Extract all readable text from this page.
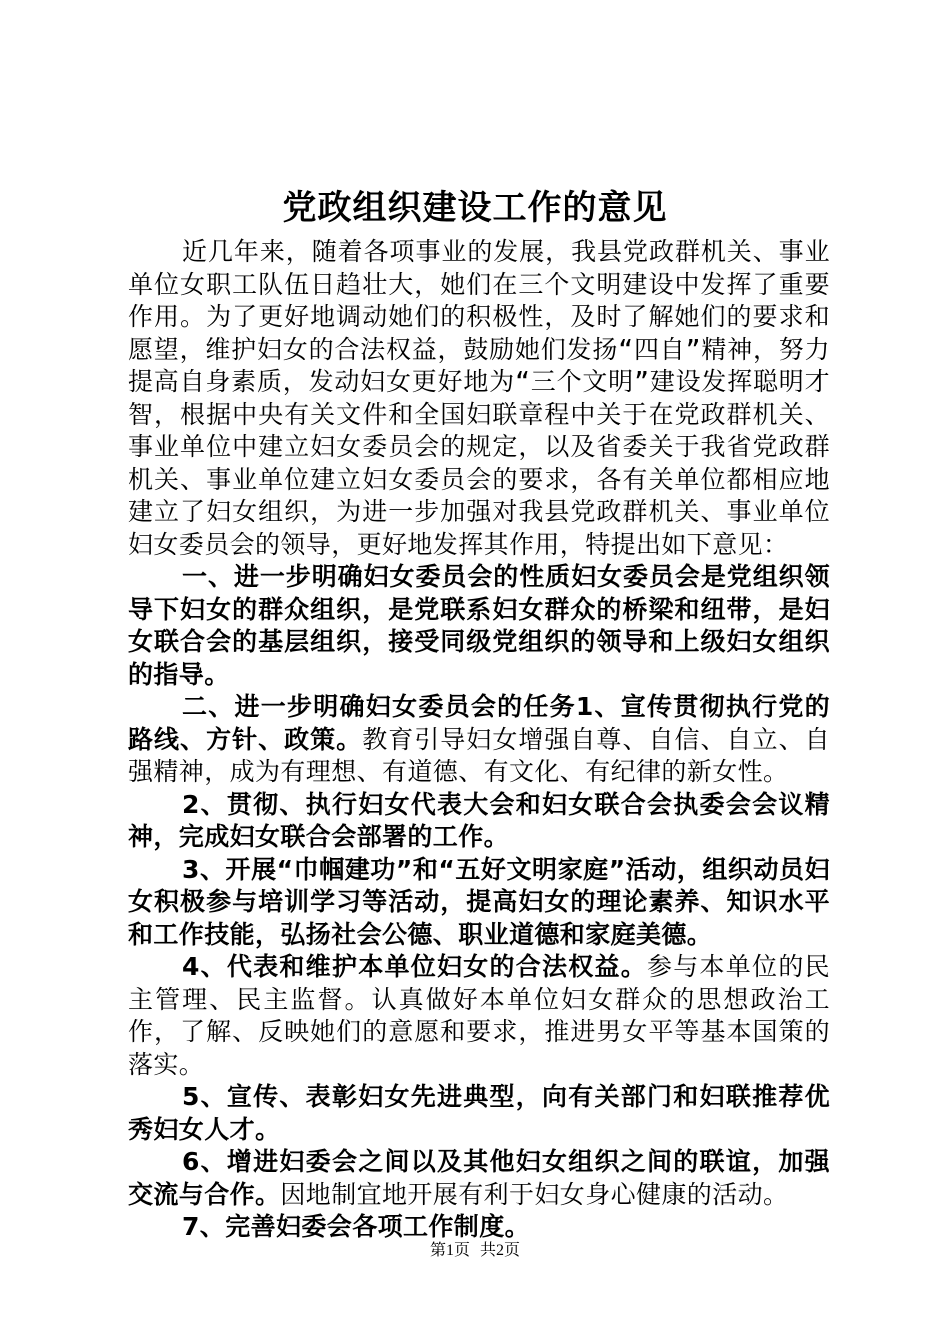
党政组织建设工作的意见

近几年来，随着各项事业的发展，我县党政群机关、事业单位女职工队伍日趋壮大，她们在三个文明建设中发挥了重要作用。为了更好地调动她们的积极性，及时了解她们的要求和愿望，维护妇女的合法权益，鼓励她们发扬“四自”精神，努力提高自身素质，发动妇女更好地为“三个文明”建设发挥聪明才智，根据中央有关文件和全国妇联章程中关于在党政群机关、事业单位中建立妇女委员会的规定，以及省委关于我省党政群机关、事业单位建立妇女委员会的要求，各有关单位都相应地建立了妇女组织，为进一步加强对我县党政群机关、事业单位妇女委员会的领导，更好地发挥其作用，特提出如下意见：

一、进一步明确妇女委员会的性质妇女委员会是党组织领导下妇女的群众组织，是党联系妇女群众的桥梁和纽带，是妇女联合会的基层组织，接受同级党组织的领导和上级妇女组织的指导。

二、进一步明确妇女委员会的任务1、宣传贯彻执行党的路线、方针、政策。教育引导妇女增强自尊、自信、自立、自强精神，成为有理想、有道德、有文化、有纪律的新女性。

2、贯彻、执行妇女代表大会和妇女联合会执委会会议精神，完成妇女联合会部署的工作。

3、开展“巾帼建功”和“五好文明家庭”活动，组织动员妇女积极参与培训学习等活动，提高妇女的理论素养、知识水平和工作技能，弘扬社会公德、职业道德和家庭美德。

4、代表和维护本单位妇女的合法权益。参与本单位的民主管理、民主监督。认真做好本单位妇女群众的思想政治工作，了解、反映她们的意愿和要求，推进男女平等基本国策的落实。

5、宣传、表彰妇女先进典型，向有关部门和妇联推荐优秀妇女人才。

6、增进妇委会之间以及其他妇女组织之间的联谊，加强交流与合作。因地制宜地开展有利于妇女身心健康的活动。

7、完善妇委会各项工作制度。

第1页 共2页
